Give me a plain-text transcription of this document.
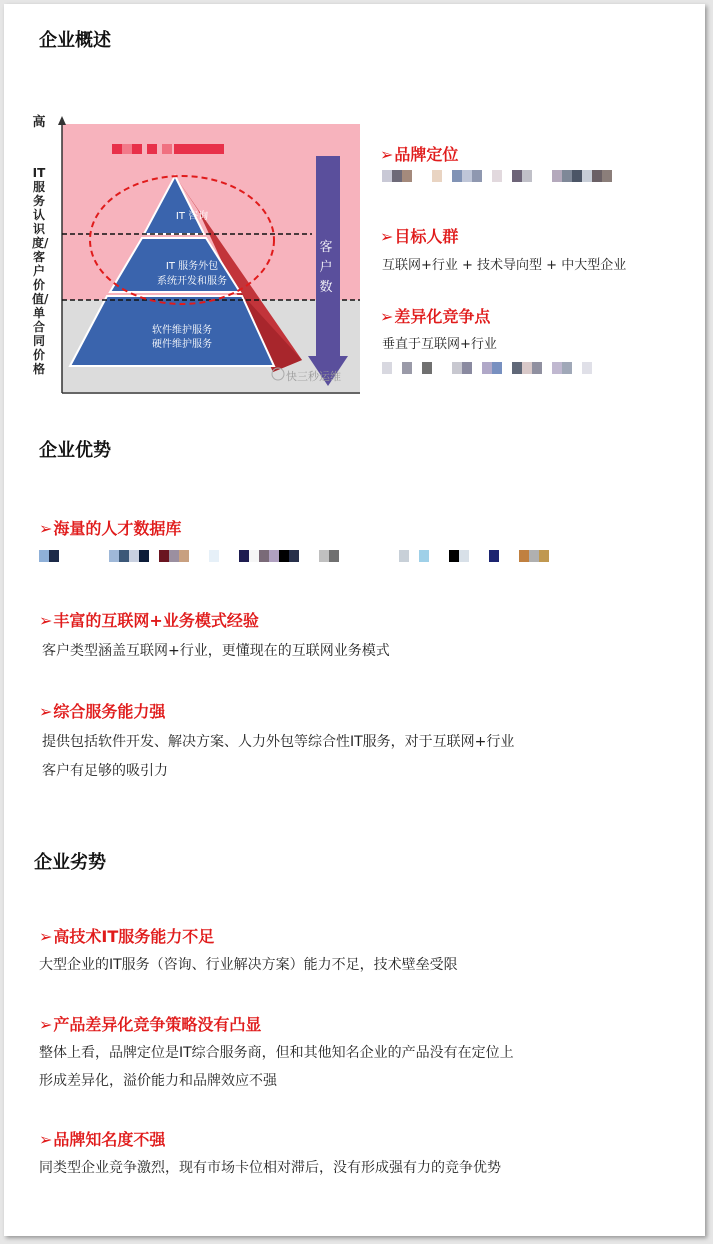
企业概述
高
IT服务认识度/客户价值/单合同价格
IT 咨询
IT 服务外包
系统开发和服务
软件维护服务
硬件维护服务
客户数
快三秒运维
➢品牌定位
➢目标人群
互联网+行业 + 技术导向型 + 中大型企业
➢差异化竞争点
垂直于互联网+行业
企业优势
➢海量的人才数据库
➢丰富的互联网+业务模式经验
客户类型涵盖互联网+行业，更懂现在的互联网业务模式
➢综合服务能力强
提供包括软件开发、解决方案、人力外包等综合性IT服务，对于互联网+行业
客户有足够的吸引力
企业劣势
➢高技术IT服务能力不足
大型企业的IT服务（咨询、行业解决方案）能力不足，技术壁垒受限
➢产品差异化竞争策略没有凸显
整体上看，品牌定位是IT综合服务商，但和其他知名企业的产品没有在定位上
形成差异化，溢价能力和品牌效应不强
➢品牌知名度不强
同类型企业竞争激烈，现有市场卡位相对滞后，没有形成强有力的竞争优势
